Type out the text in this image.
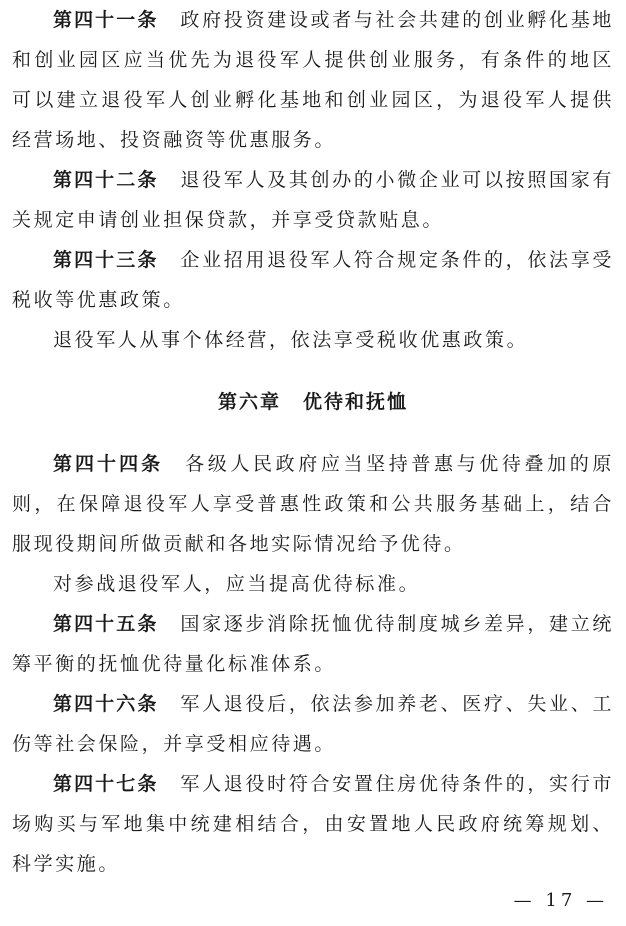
第四十一条 政府投资建设或者与社会共建的创业孵化基地和创业园区应当优先为退役军人提供创业服务，有条件的地区可以建立退役军人创业孵化基地和创业园区，为退役军人提供经营场地、投资融资等优惠服务。

第四十二条 退役军人及其创办的小微企业可以按照国家有关规定申请创业担保贷款，并享受贷款贴息。

第四十三条 企业招用退役军人符合规定条件的，依法享受税收等优惠政策。

退役军人从事个体经营，依法享受税收优惠政策。

第六章 优待和抚恤

第四十四条 各级人民政府应当坚持普惠与优待叠加的原则，在保障退役军人享受普惠性政策和公共服务基础上，结合服现役期间所做贡献和各地实际情况给予优待。

对参战退役军人，应当提高优待标准。

第四十五条 国家逐步消除抚恤优待制度城乡差异，建立统筹平衡的抚恤优待量化标准体系。

第四十六条 军人退役后，依法参加养老、医疗、失业、工伤等社会保险，并享受相应待遇。

第四十七条 军人退役时符合安置住房优待条件的，实行市场购买与军地集中统建相结合，由安置地人民政府统筹规划、科学实施。

— 17 —
